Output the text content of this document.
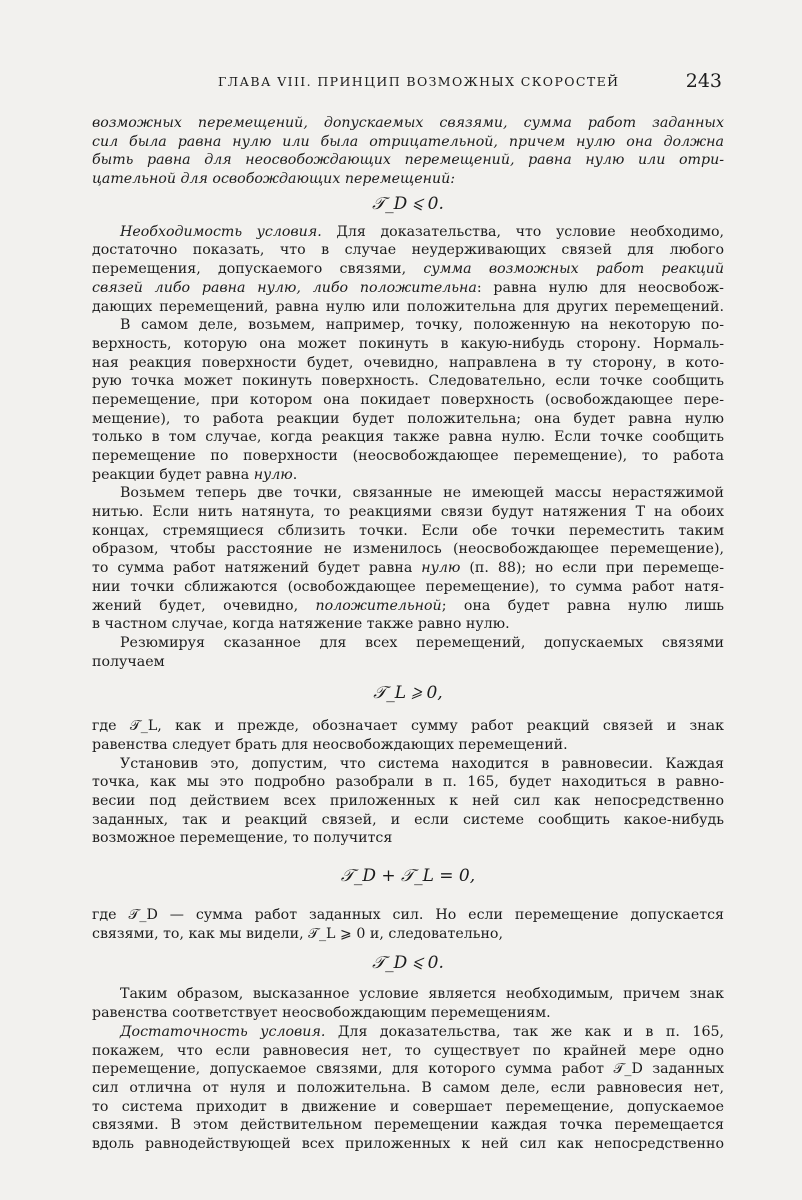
ГЛАВА VIII. ПРИНЦИП ВОЗМОЖНЫХ СКОРОСТЕЙ	243
возможных перемещений, допускаемых связями, сумма работ заданных
сил была равна нулю или была отрицательной, причем нулю она должна
быть равна для неосвобождающих перемещений, равна нулю или отри-
цательной для освобождающих перемещений:
𝒯_D ⩽ 0.
Необходимость условия. Для доказательства, что условие необходимо,
достаточно показать, что в случае неудерживающих связей для любого
перемещения, допускаемого связями, сумма возможных работ реакций
связей либо равна нулю, либо положительна: равна нулю для неосвобож-
дающих перемещений, равна нулю или положительна для других перемещений.
В самом деле, возьмем, например, точку, положенную на некоторую по-
верхность, которую она может покинуть в какую-нибудь сторону. Нормаль-
ная реакция поверхности будет, очевидно, направлена в ту сторону, в кото-
рую точка может покинуть поверхность. Следовательно, если точке сообщить
перемещение, при котором она покидает поверхность (освобождающее пере-
мещение), то работа реакции будет положительна; она будет равна нулю
только в том случае, когда реакция также равна нулю. Если точке сообщить
перемещение по поверхности (неосвобождающее перемещение), то работа
реакции будет равна нулю.
Возьмем теперь две точки, связанные не имеющей массы нерастяжимой
нитью. Если нить натянута, то реакциями связи будут натяжения T на обоих
концах, стремящиеся сблизить точки. Если обе точки переместить таким
образом, чтобы расстояние не изменилось (неосвобождающее перемещение),
то сумма работ натяжений будет равна нулю (п. 88); но если при перемеще-
нии точки сближаются (освобождающее перемещение), то сумма работ натя-
жений будет, очевидно, положительной; она будет равна нулю лишь
в частном случае, когда натяжение также равно нулю.
Резюмируя сказанное для всех перемещений, допускаемых связями
получаем
𝒯_L ⩾ 0,
где 𝒯_L, как и прежде, обозначает сумму работ реакций связей и знак
равенства следует брать для неосвобождающих перемещений.
Установив это, допустим, что система находится в равновесии. Каждая
точка, как мы это подробно разобрали в п. 165, будет находиться в равно-
весии под действием всех приложенных к ней сил как непосредственно
заданных, так и реакций связей, и если системе сообщить какое-нибудь
возможное перемещение, то получится
𝒯_D + 𝒯_L = 0,
где 𝒯_D — сумма работ заданных сил. Но если перемещение допускается
связями, то, как мы видели, 𝒯_L ⩾ 0 и, следовательно,
𝒯_D ⩽ 0.
Таким образом, высказанное условие является необходимым, причем знак
равенства соответствует неосвобождающим перемещениям.
Достаточность условия. Для доказательства, так же как и в п. 165,
покажем, что если равновесия нет, то существует по крайней мере одно
перемещение, допускаемое связями, для которого сумма работ 𝒯_D заданных
сил отлична от нуля и положительна. В самом деле, если равновесия нет,
то система приходит в движение и совершает перемещение, допускаемое
связями. В этом действительном перемещении каждая точка перемещается
вдоль равнодействующей всех приложенных к ней сил как непосредственно
